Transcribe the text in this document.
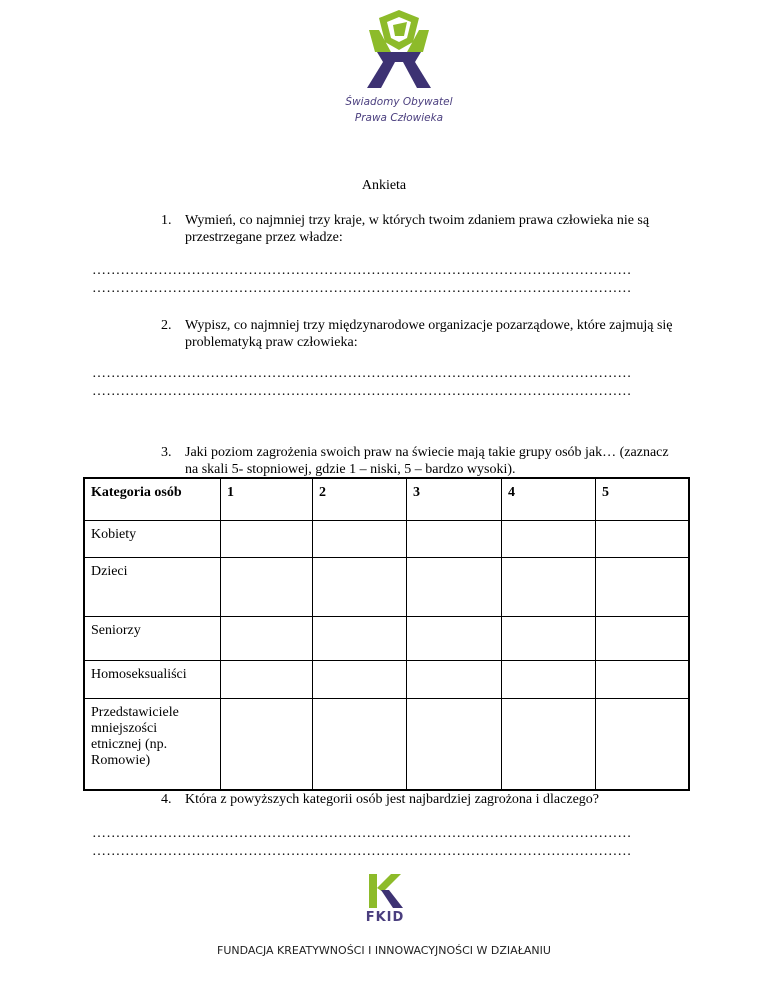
Świadomy Obywatel
Prawa Człowieka
Ankieta
1. Wymień, co najmniej trzy kraje, w których twoim zdaniem prawa człowieka nie są przestrzegane przez władze:
……………………………………………………………………………………………………
……………………………………………………………………………………………………
2. Wypisz, co najmniej trzy międzynarodowe organizacje pozarządowe, które zajmują się problematyką praw człowieka:
……………………………………………………………………………………………………
……………………………………………………………………………………………………
3. Jaki poziom zagrożenia swoich praw na świecie mają takie grupy osób jak… (zaznacz na skali 5- stopniowej, gdzie 1 – niski, 5 – bardzo wysoki).
Kategoria osób	1	2	3	4	5

Kobiety					

Dzieci					

Seniorzy					

Homoseksualiści					

Przedstawiciele mniejszości etnicznej (np. Romowie)					

4. Która z powyższych kategorii osób jest najbardziej zagrożona i dlaczego?
……………………………………………………………………………………………………
……………………………………………………………………………………………………
FKID
FUNDACJA KREATYWNOŚCI I INNOWACYJNOŚCI W DZIAŁANIU
